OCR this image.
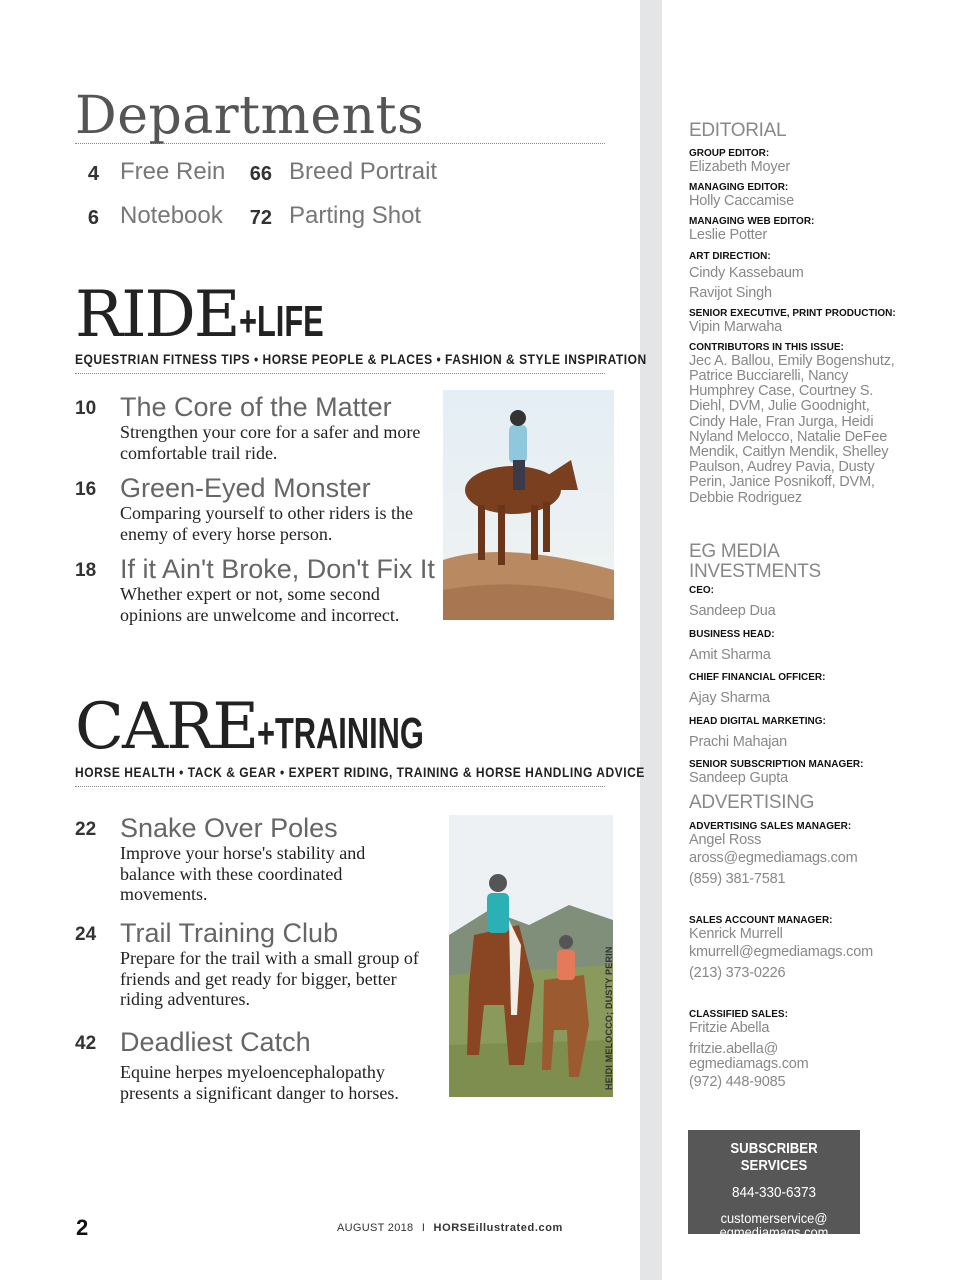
Departments
4 Free Rein 66 Breed Portrait
6 Notebook 72 Parting Shot
RIDE+LIFE
EQUESTRIAN FITNESS TIPS • HORSE PEOPLE & PLACES • FASHION & STYLE INSPIRATION
10 The Core of the Matter
Strengthen your core for a safer and more comfortable trail ride.
16 Green-Eyed Monster
Comparing yourself to other riders is the enemy of every horse person.
18 If it Ain't Broke, Don't Fix It
Whether expert or not, some second opinions are unwelcome and incorrect.
CARE+TRAINING
HORSE HEALTH • TACK & GEAR • EXPERT RIDING, TRAINING & HORSE HANDLING ADVICE
22 Snake Over Poles
Improve your horse's stability and balance with these coordinated movements.
24 Trail Training Club
Prepare for the trail with a small group of friends and get ready for bigger, better riding adventures.
42 Deadliest Catch
Equine herpes myeloencephalopathy presents a significant danger to horses.
HEIDI MELOCCO; DUSTY PERIN
EDITORIAL
GROUP EDITOR:
Elizabeth Moyer
MANAGING EDITOR:
Holly Caccamise
MANAGING WEB EDITOR:
Leslie Potter
ART DIRECTION:
Cindy Kassebaum
Ravijot Singh
SENIOR EXECUTIVE, PRINT PRODUCTION:
Vipin Marwaha
CONTRIBUTORS IN THIS ISSUE:
Jec A. Ballou, Emily Bogenshutz, Patrice Bucciarelli, Nancy Humphrey Case, Courtney S. Diehl, DVM, Julie Goodnight, Cindy Hale, Fran Jurga, Heidi Nyland Melocco, Natalie DeFee Mendik, Caitlyn Mendik, Shelley Paulson, Audrey Pavia, Dusty Perin, Janice Posnikoff, DVM, Debbie Rodriguez
EG MEDIA INVESTMENTS
CEO:
Sandeep Dua
BUSINESS HEAD:
Amit Sharma
CHIEF FINANCIAL OFFICER:
Ajay Sharma
HEAD DIGITAL MARKETING:
Prachi Mahajan
SENIOR SUBSCRIPTION MANAGER:
Sandeep Gupta
ADVERTISING
ADVERTISING SALES MANAGER:
Angel Ross
aross@egmediamags.com
(859) 381-7581
SALES ACCOUNT MANAGER:
Kenrick Murrell
kmurrell@egmediamags.com
(213) 373-0226
CLASSIFIED SALES:
Fritzie Abella
fritzie.abella@ egmediamags.com
(972) 448-9085
SUBSCRIBER SERVICES
844-330-6373
customerservice@ egmediamags.com
2	AUGUST 2018 I HORSEillustrated.com
